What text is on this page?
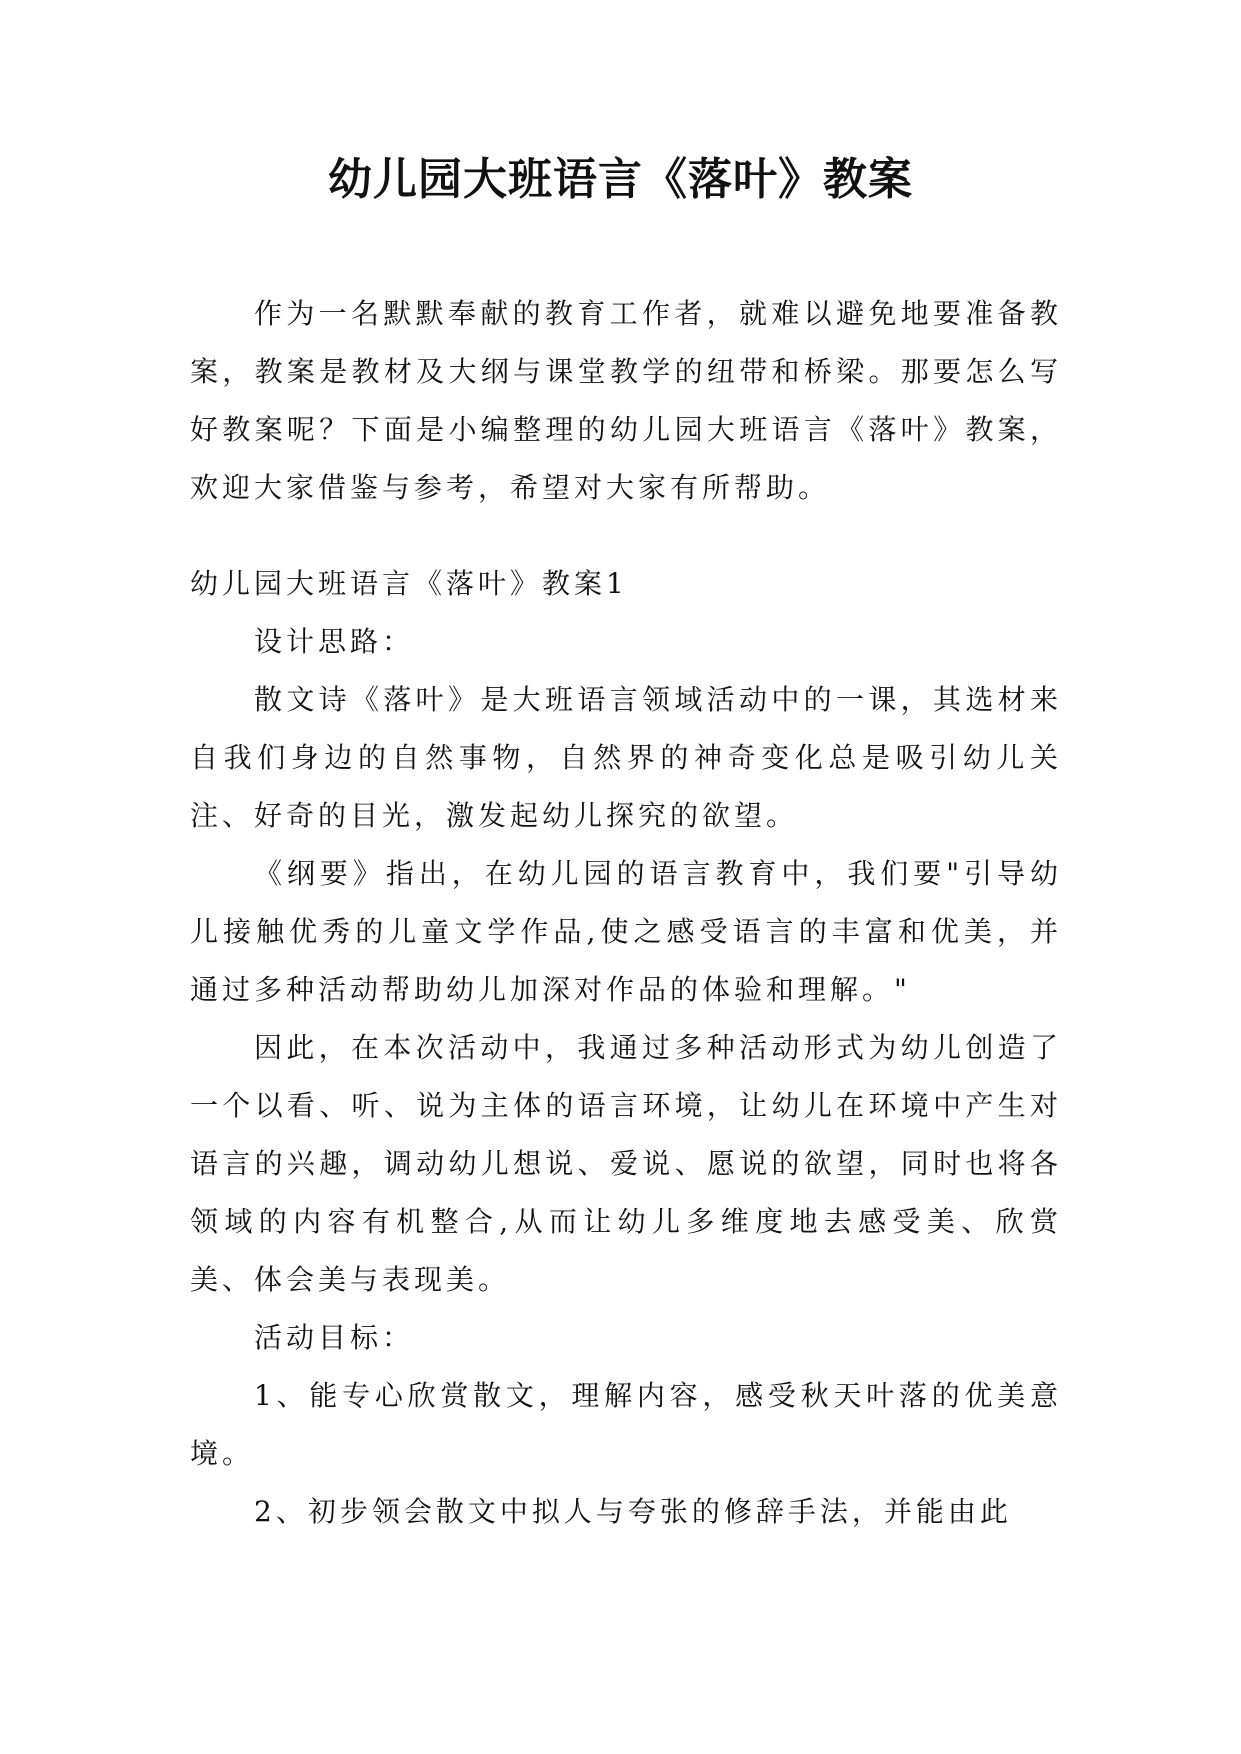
幼儿园大班语言《落叶》教案

作为一名默默奉献的教育工作者，就难以避免地要准备教案，教案是教材及大纲与课堂教学的纽带和桥梁。那要怎么写好教案呢？下面是小编整理的幼儿园大班语言《落叶》教案，欢迎大家借鉴与参考，希望对大家有所帮助。

幼儿园大班语言《落叶》教案1

设计思路：

散文诗《落叶》是大班语言领域活动中的一课，其选材来自我们身边的自然事物，自然界的神奇变化总是吸引幼儿关注、好奇的目光，激发起幼儿探究的欲望。

《纲要》指出，在幼儿园的语言教育中，我们要"引导幼儿接触优秀的儿童文学作品,使之感受语言的丰富和优美，并通过多种活动帮助幼儿加深对作品的体验和理解。"

因此，在本次活动中，我通过多种活动形式为幼儿创造了一个以看、听、说为主体的语言环境，让幼儿在环境中产生对语言的兴趣，调动幼儿想说、爱说、愿说的欲望，同时也将各领域的内容有机整合,从而让幼儿多维度地去感受美、欣赏美、体会美与表现美。

活动目标：

1、能专心欣赏散文，理解内容，感受秋天叶落的优美意境。

2、初步领会散文中拟人与夸张的修辞手法，并能由此
